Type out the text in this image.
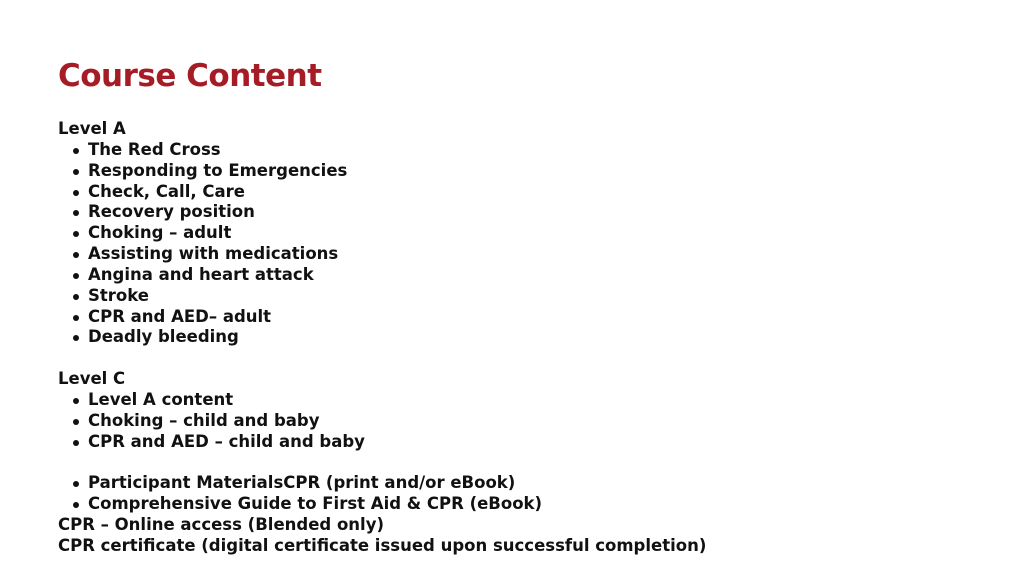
Course Content
Level A
The Red Cross
Responding to Emergencies
Check, Call, Care
Recovery position
Choking – adult
Assisting with medications
Angina and heart attack
Stroke
CPR and AED– adult
Deadly bleeding
Level C
Level A content
Choking – child and baby
CPR and AED – child and baby
Participant MaterialsCPR (print and/or eBook)
Comprehensive Guide to First Aid & CPR (eBook)
CPR – Online access (Blended only)
CPR certificate (digital certificate issued upon successful completion)
